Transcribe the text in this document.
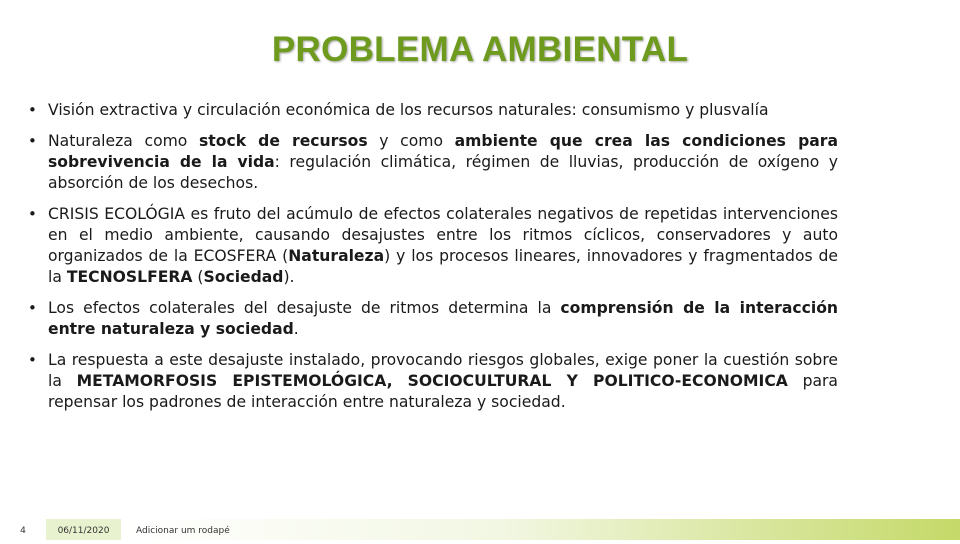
PROBLEMA AMBIENTAL
• Visión extractiva y circulación económica de los recursos naturales: consumismo y plusvalía
• Naturaleza como stock de recursos y como ambiente que crea las condiciones para sobrevivencia de la vida: regulación climática, régimen de lluvias, producción de oxígeno y absorción de los desechos.
• CRISIS ECOLÓGIA es fruto del acúmulo de efectos colaterales negativos de repetidas intervenciones en el medio ambiente, causando desajustes entre los ritmos cíclicos, conservadores y auto organizados de la ECOSFERA (Naturaleza) y los procesos lineares, innovadores y fragmentados de la TECNOSLFERA (Sociedad).
• Los efectos colaterales del desajuste de ritmos determina la comprensión de la interacción entre naturaleza y sociedad.
• La respuesta a este desajuste instalado, provocando riesgos globales, exige poner la cuestión sobre la METAMORFOSIS EPISTEMOLÓGICA, SOCIOCULTURAL Y POLITICO-ECONOMICA para repensar los padrones de interacción entre naturaleza y sociedad.
4	06/11/2020	Adicionar um rodapé
